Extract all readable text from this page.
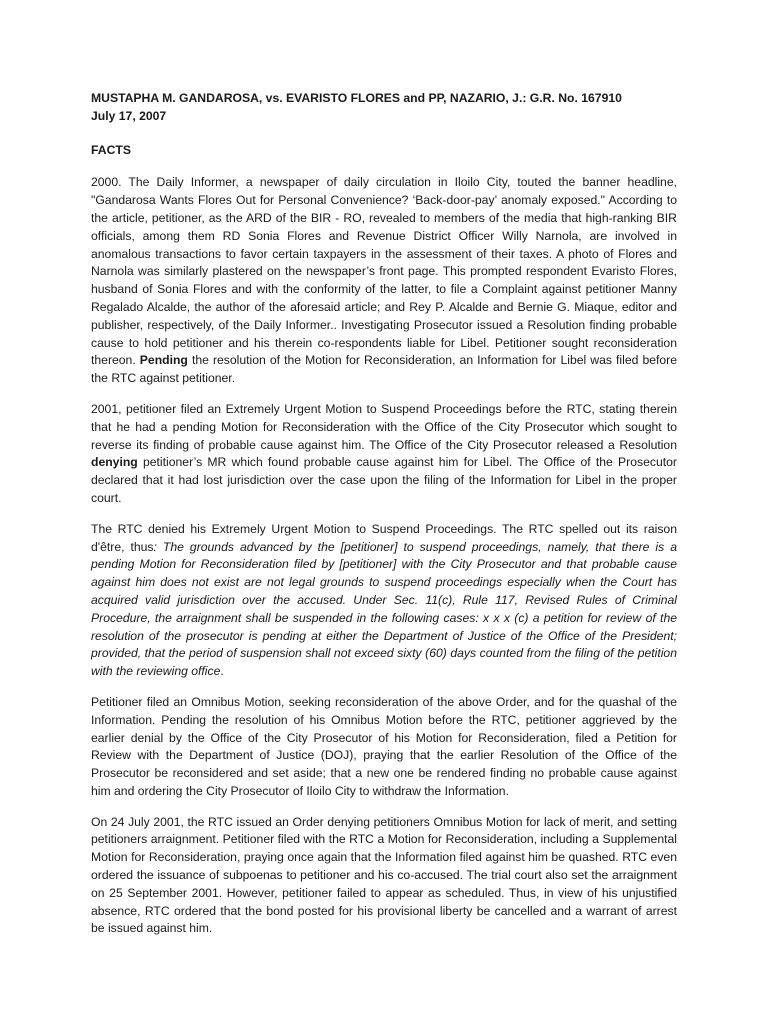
MUSTAPHA M. GANDAROSA, vs. EVARISTO FLORES and PP, NAZARIO, J.: G.R. No. 167910
July 17, 2007
FACTS

2000. The Daily Informer, a newspaper of daily circulation in Iloilo City, touted the banner headline, "Gandarosa Wants Flores Out for Personal Convenience? ‘Back-door-pay’ anomaly exposed." According to the article, petitioner, as the ARD of the BIR - RO, revealed to members of the media that high-ranking BIR officials, among them RD Sonia Flores and Revenue District Officer Willy Narnola, are involved in anomalous transactions to favor certain taxpayers in the assessment of their taxes. A photo of Flores and Narnola was similarly plastered on the newspaper’s front page. This prompted respondent Evaristo Flores, husband of Sonia Flores and with the conformity of the latter, to file a Complaint against petitioner Manny Regalado Alcalde, the author of the aforesaid article; and Rey P. Alcalde and Bernie G. Miaque, editor and publisher, respectively, of the Daily Informer.. Investigating Prosecutor issued a Resolution finding probable cause to hold petitioner and his therein co-respondents liable for Libel. Petitioner sought reconsideration thereon. Pending the resolution of the Motion for Reconsideration, an Information for Libel was filed before the RTC against petitioner.

2001, petitioner filed an Extremely Urgent Motion to Suspend Proceedings before the RTC, stating therein that he had a pending Motion for Reconsideration with the Office of the City Prosecutor which sought to reverse its finding of probable cause against him. The Office of the City Prosecutor released a Resolution denying petitioner’s MR which found probable cause against him for Libel. The Office of the Prosecutor declared that it had lost jurisdiction over the case upon the filing of the Information for Libel in the proper court.

The RTC denied his Extremely Urgent Motion to Suspend Proceedings. The RTC spelled out its raison d'être, thus: The grounds advanced by the [petitioner] to suspend proceedings, namely, that there is a pending Motion for Reconsideration filed by [petitioner] with the City Prosecutor and that probable cause against him does not exist are not legal grounds to suspend proceedings especially when the Court has acquired valid jurisdiction over the accused. Under Sec. 11(c), Rule 117, Revised Rules of Criminal Procedure, the arraignment shall be suspended in the following cases: x x x (c) a petition for review of the resolution of the prosecutor is pending at either the Department of Justice of the Office of the President; provided, that the period of suspension shall not exceed sixty (60) days counted from the filing of the petition with the reviewing office.

Petitioner filed an Omnibus Motion, seeking reconsideration of the above Order, and for the quashal of the Information. Pending the resolution of his Omnibus Motion before the RTC, petitioner aggrieved by the earlier denial by the Office of the City Prosecutor of his Motion for Reconsideration, filed a Petition for Review with the Department of Justice (DOJ), praying that the earlier Resolution of the Office of the Prosecutor be reconsidered and set aside; that a new one be rendered finding no probable cause against him and ordering the City Prosecutor of Iloilo City to withdraw the Information.

On 24 July 2001, the RTC issued an Order denying petitioners Omnibus Motion for lack of merit, and setting petitioners arraignment. Petitioner filed with the RTC a Motion for Reconsideration, including a Supplemental Motion for Reconsideration, praying once again that the Information filed against him be quashed. RTC even ordered the issuance of subpoenas to petitioner and his co-accused. The trial court also set the arraignment on 25 September 2001. However, petitioner failed to appear as scheduled. Thus, in view of his unjustified absence, RTC ordered that the bond posted for his provisional liberty be cancelled and a warrant of arrest be issued against him.
